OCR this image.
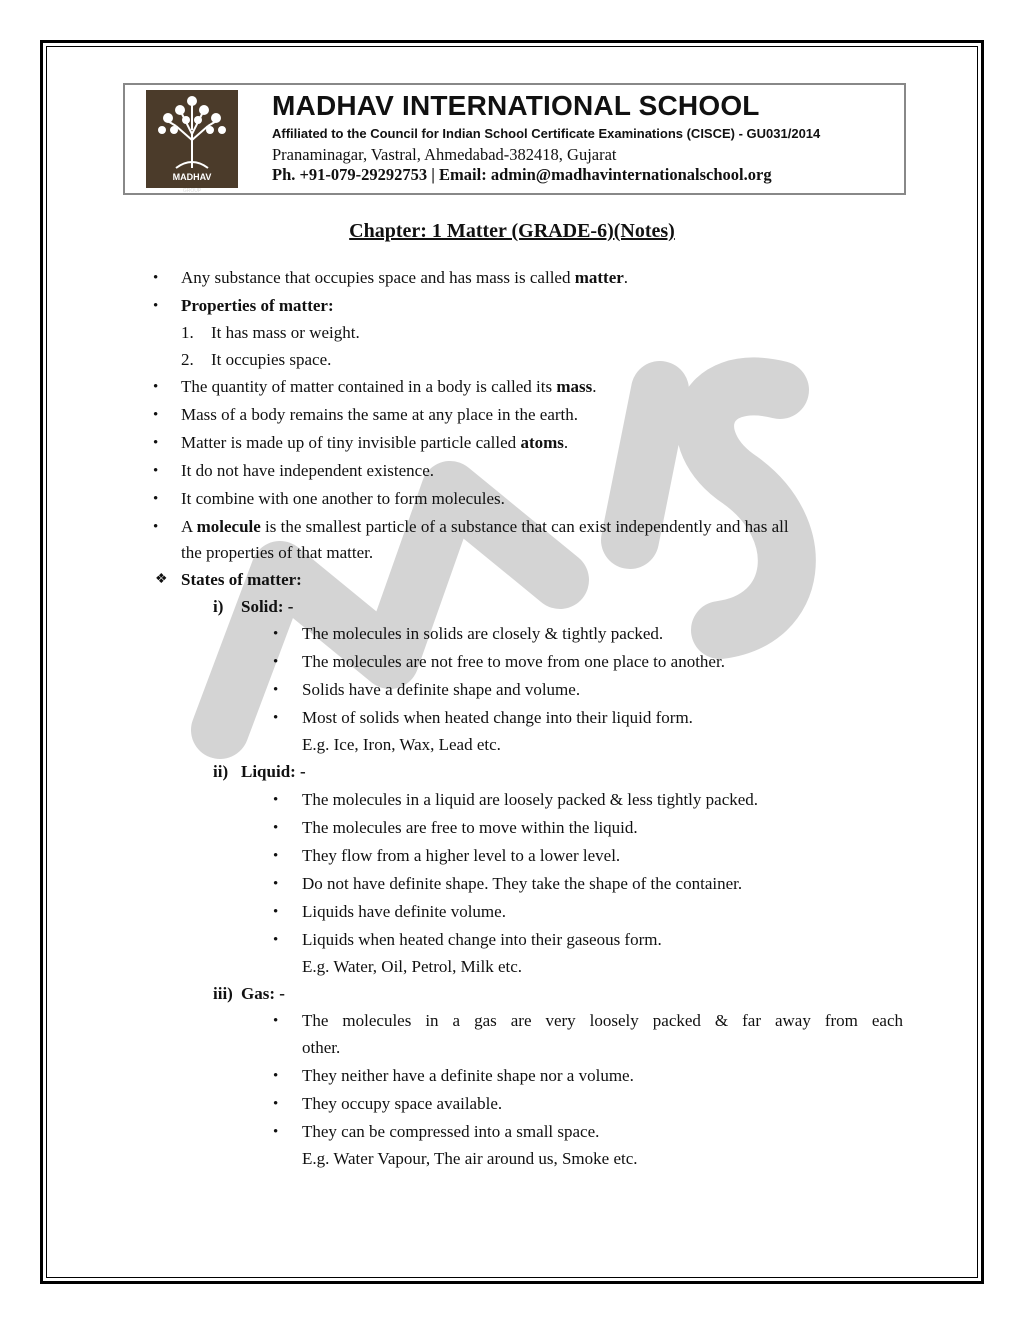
MIS
MADHAV
GROUP
MADHAV INTERNATIONAL SCHOOL
Affiliated to the Council for Indian School Certificate Examinations (CISCE) - GU031/2014
Pranaminagar, Vastral, Ahmedabad-382418, Gujarat
Ph. +91-079-29292753 | Email: admin@madhavinternationalschool.org
Chapter: 1 Matter (GRADE-6)(Notes)
• Any substance that occupies space and has mass is called matter.
• Properties of matter:
1. It has mass or weight.
2. It occupies space.
• The quantity of matter contained in a body is called its mass.
• Mass of a body remains the same at any place in the earth.
• Matter is made up of tiny invisible particle called atoms.
• It do not have independent existence.
• It combine with one another to form molecules.
• A molecule is the smallest particle of a substance that can exist independently and has all
the properties of that matter.
❖ States of matter:
i) Solid: -
• The molecules in solids are closely & tightly packed.
• The molecules are not free to move from one place to another.
• Solids have a definite shape and volume.
• Most of solids when heated change into their liquid form.
E.g. Ice, Iron, Wax, Lead etc.
ii) Liquid: -
• The molecules in a liquid are loosely packed & less tightly packed.
• The molecules are free to move within the liquid.
• They flow from a higher level to a lower level.
• Do not have definite shape. They take the shape of the container.
• Liquids have definite volume.
• Liquids when heated change into their gaseous form.
E.g. Water, Oil, Petrol, Milk etc.
iii) Gas: -
• The molecules in a gas are very loosely packed & far away from each
other.
• They neither have a definite shape nor a volume.
• They occupy space available.
• They can be compressed into a small space.
E.g. Water Vapour, The air around us, Smoke etc.
